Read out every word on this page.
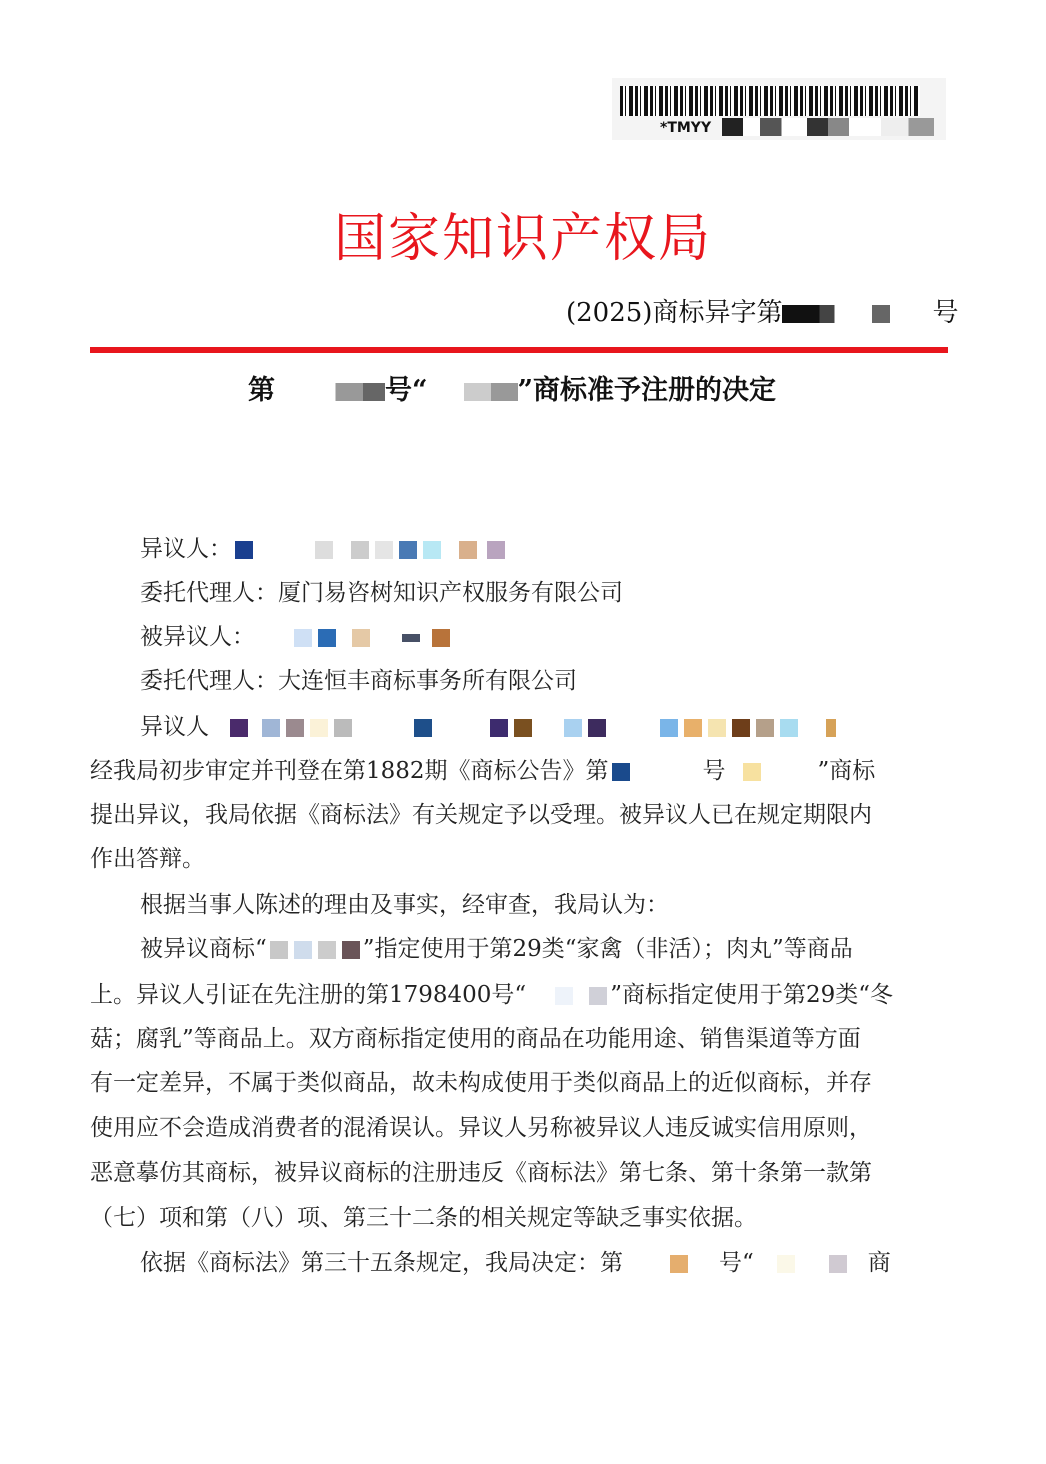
*TMYY
国家知识产权局
(2025)商标异字第	号
第	号“	”商标准予注册的决定
异议人：
委托代理人：厦门易咨树知识产权服务有限公司
被异议人：
委托代理人：大连恒丰商标事务所有限公司
异议人
经我局初步审定并刊登在第1882期《商标公告》第	号	”商标
提出异议，我局依据《商标法》有关规定予以受理。被异议人已在规定期限内
作出答辩。
根据当事人陈述的理由及事实，经审查，我局认为：
被异议商标“	”指定使用于第29类“家禽（非活）；肉丸”等商品
上。异议人引证在先注册的第1798400号“	”商标指定使用于第29类“冬
菇；腐乳”等商品上。双方商标指定使用的商品在功能用途、销售渠道等方面
有一定差异，不属于类似商品，故未构成使用于类似商品上的近似商标，并存
使用应不会造成消费者的混淆误认。异议人另称被异议人违反诚实信用原则，
恶意摹仿其商标，被异议商标的注册违反《商标法》第七条、第十条第一款第
（七）项和第（八）项、第三十二条的相关规定等缺乏事实依据。
依据《商标法》第三十五条规定，我局决定：第	号“	商
